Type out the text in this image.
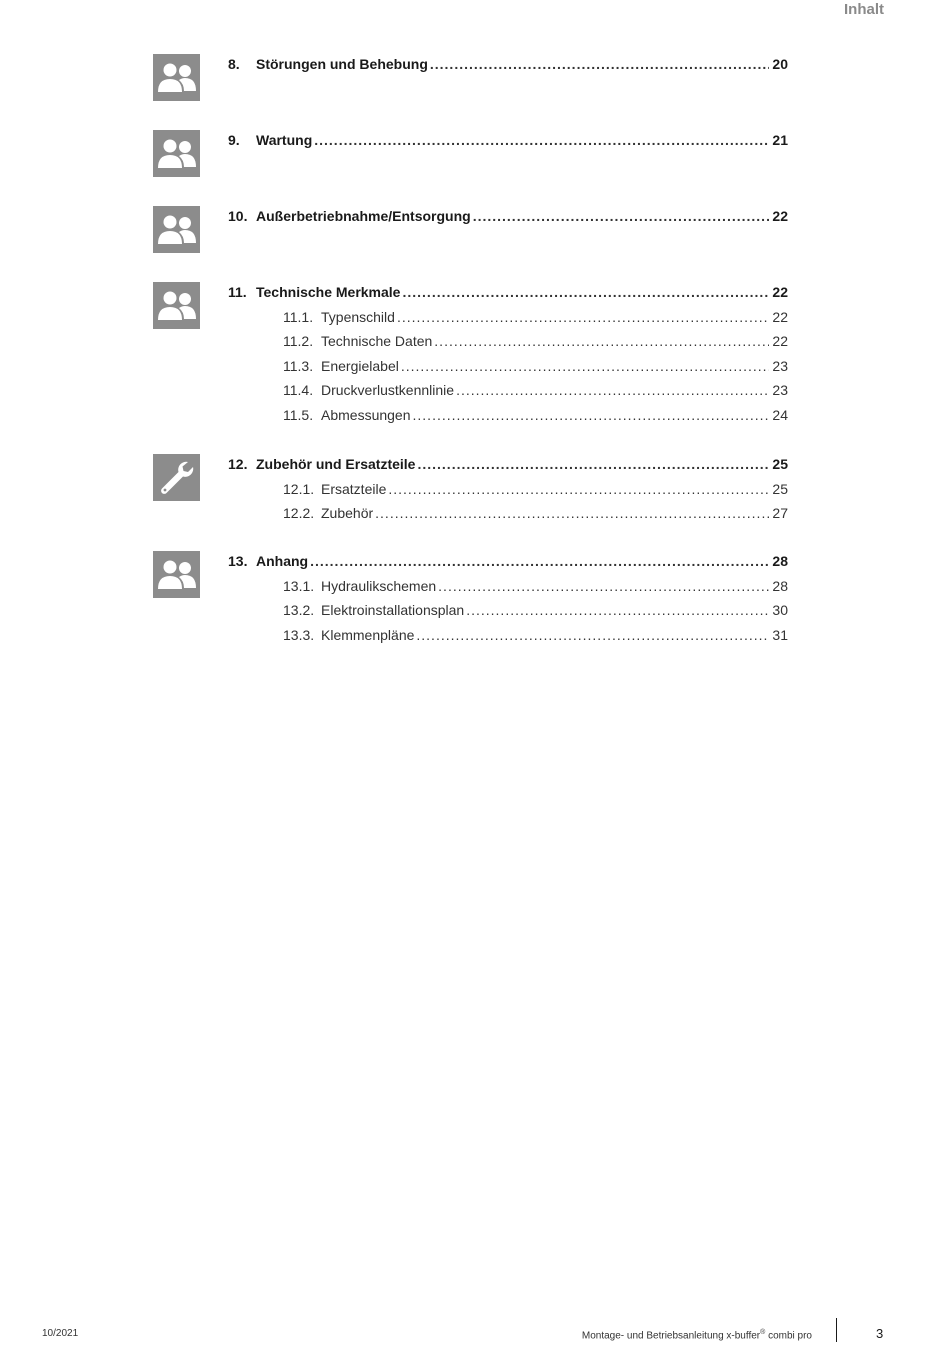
Inhalt
8.	Störungen und Behebung .....	20
9.	Wartung .....	21
10. Außerbetriebnahme/Entsorgung .....	22
11. Technische Merkmale .....	22
11.1. Typenschild .....	22
11.2. Technische Daten .....	22
11.3. Energielabel .....	23
11.4. Druckverlustkennlinie .....	23
11.5. Abmessungen .....	24
12. Zubehör und Ersatzteile .....	25
12.1. Ersatzteile .....	25
12.2. Zubehör .....	27
13. Anhang .....	28
13.1. Hydraulikschemen .....	28
13.2. Elektroinstallationsplan .....	30
13.3. Klemmenpläne .....	31
10/2021	Montage- und Betriebsanleitung x-buffer® combi pro	3
